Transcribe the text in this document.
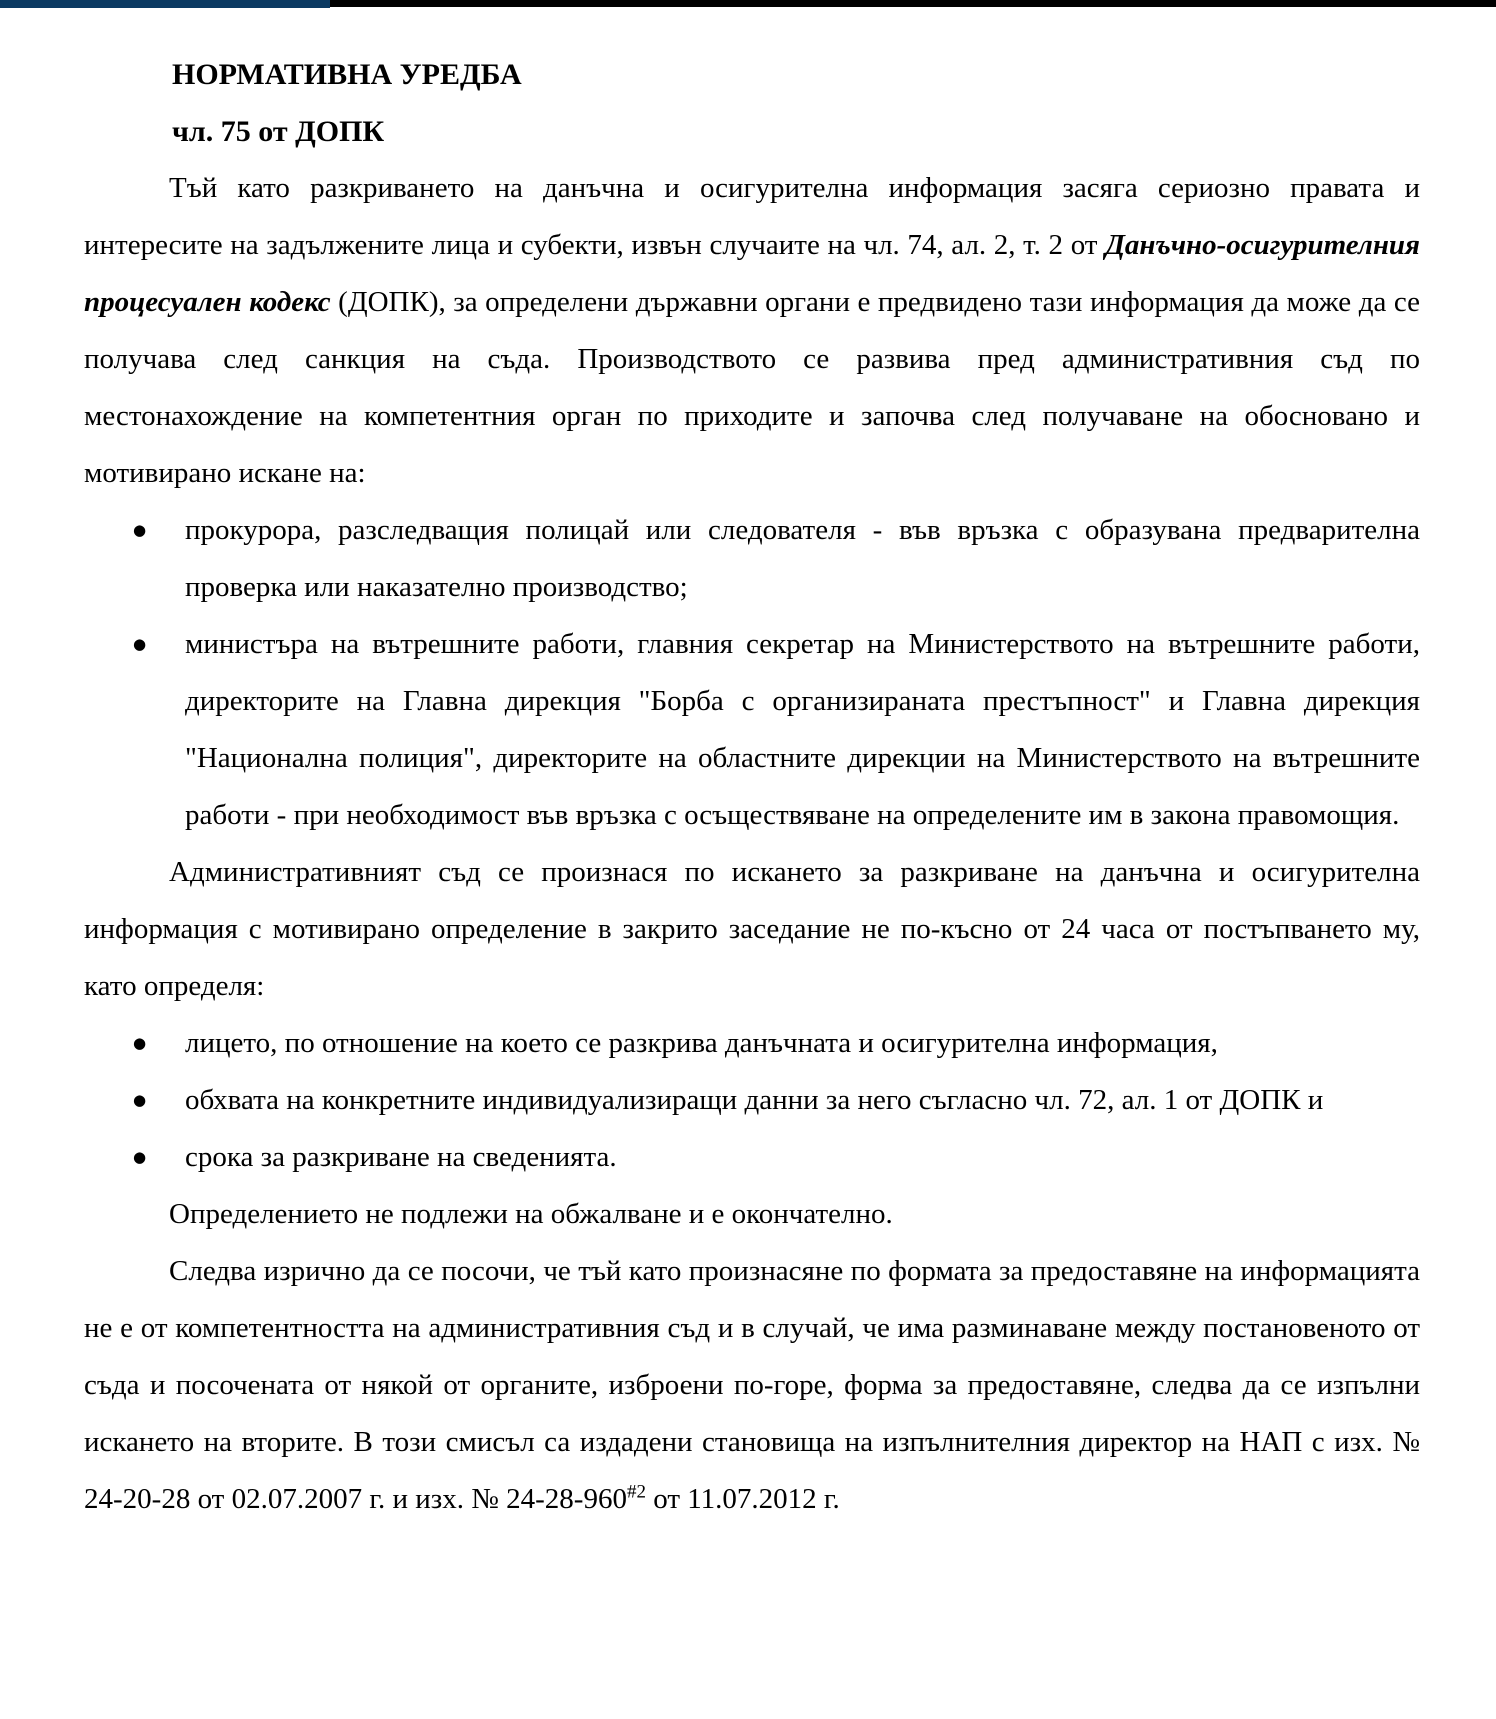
НОРМАТИВНА УРЕДБА
чл. 75 от ДОПК

Тъй като разкриването на данъчна и осигурителна информация засяга сериозно правата и интересите на задължените лица и субекти, извън случаите на чл. 74, ал. 2, т. 2 от Данъчно-осигурителния процесуален кодекс (ДОПК), за определени държавни органи е предвидено тази информация да може да се получава след санкция на съда. Производството се развива пред административния съд по местонахождение на компетентния орган по приходите и започва след получаване на обосновано и мотивирано искане на:

● прокурора, разследващия полицай или следователя - във връзка с образувана предварителна проверка или наказателно производство;
● министъра на вътрешните работи, главния секретар на Министерството на вътрешните работи, директорите на Главна дирекция "Борба с организираната престъпност" и Главна дирекция "Национална полиция", директорите на областните дирекции на Министерството на вътрешните работи - при необходимост във връзка с осъществяване на определените им в закона правомощия.

Административният съд се произнася по искането за разкриване на данъчна и осигурителна информация с мотивирано определение в закрито заседание не по-късно от 24 часа от постъпването му, като определя:

● лицето, по отношение на което се разкрива данъчната и осигурителна информация,
● обхвата на конкретните индивидуализиращи данни за него съгласно чл. 72, ал. 1 от ДОПК и
● срока за разкриване на сведенията.

Определението не подлежи на обжалване и е окончателно.

Следва изрично да се посочи, че тъй като произнасяне по формата за предоставяне на информацията не е от компетентността на административния съд и в случай, че има разминаване между постановеното от съда и посочената от някой от органите, изброени по-горе, форма за предоставяне, следва да се изпълни искането на вторите. В този смисъл са издадени становища на изпълнителния директор на НАП с изх. № 24-20-28 от 02.07.2007 г. и изх. № 24-28-960$^{\#2}$ от 11.07.2012 г.
